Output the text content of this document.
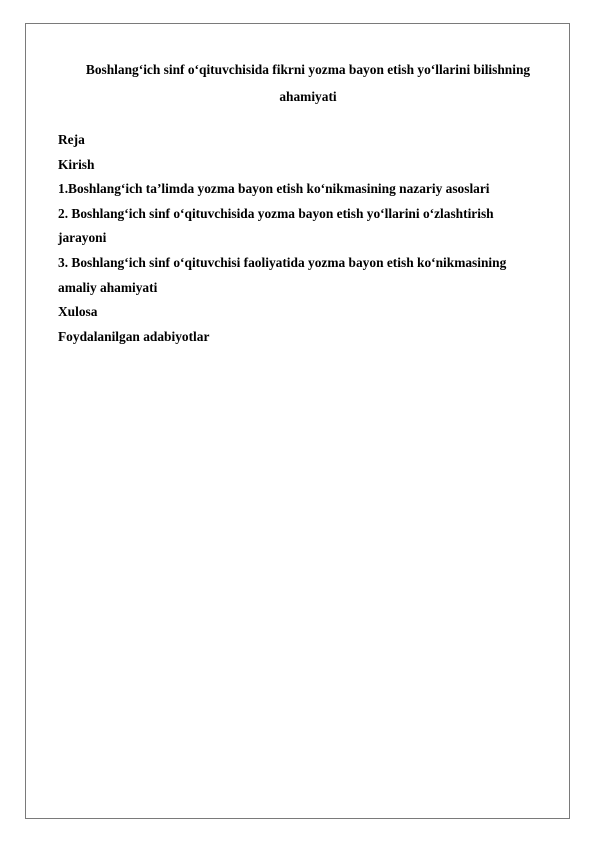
Boshlang‘ich sinf o‘qituvchisida fikrni yozma bayon etish yo‘llarini bilishning
ahamiyati
Reja
Kirish
1.Boshlang‘ich ta’limda yozma bayon etish ko‘nikmasining nazariy asoslari
2. Boshlang‘ich sinf o‘qituvchisida yozma bayon etish yo‘llarini o‘zlashtirish
jarayoni
3. Boshlang‘ich sinf o‘qituvchisi faoliyatida yozma bayon etish ko‘nikmasining
amaliy ahamiyati
Xulosa
Foydalanilgan adabiyotlar
